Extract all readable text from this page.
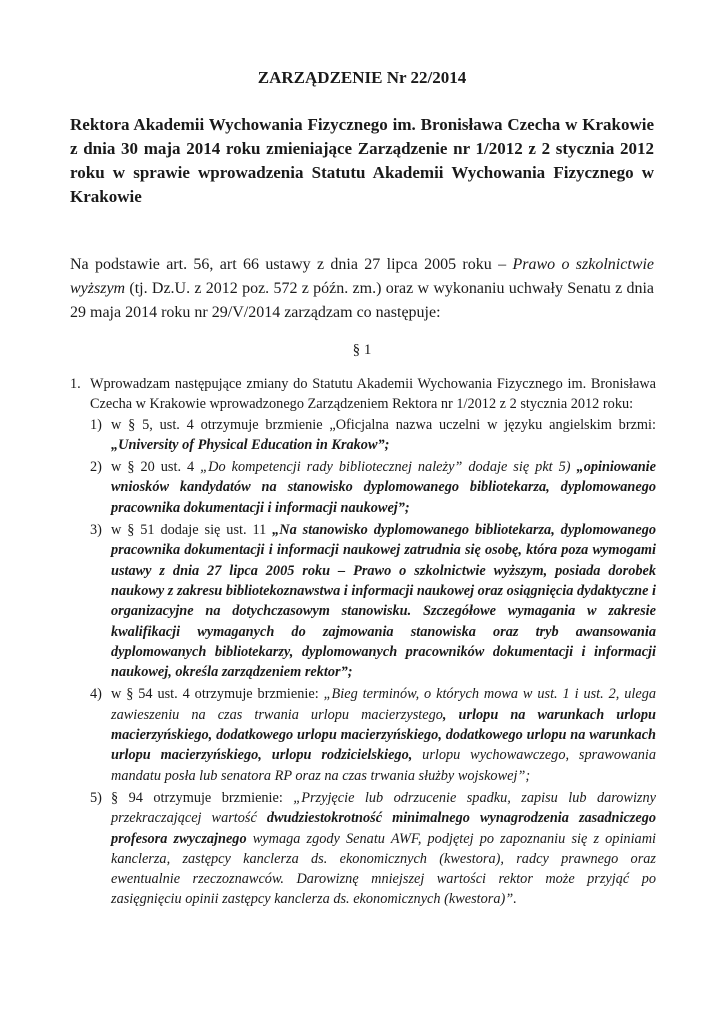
ZARZĄDZENIE Nr 22/2014
Rektora Akademii Wychowania Fizycznego im. Bronisława Czecha w Krakowie z dnia 30 maja 2014 roku zmieniające Zarządzenie nr 1/2012 z 2 stycznia 2012 roku w sprawie wprowadzenia Statutu Akademii Wychowania Fizycznego w Krakowie
Na podstawie art. 56, art 66 ustawy z dnia 27 lipca 2005 roku – Prawo o szkolnictwie wyższym (tj. Dz.U. z 2012 poz. 572 z późn. zm.) oraz w wykonaniu uchwały Senatu z dnia 29 maja 2014 roku nr 29/V/2014 zarządzam co następuje:
§ 1
1. Wprowadzam następujące zmiany do Statutu Akademii Wychowania Fizycznego im. Bronisława Czecha w Krakowie wprowadzonego Zarządzeniem Rektora nr 1/2012 z 2 stycznia 2012 roku:
1) w § 5, ust. 4 otrzymuje brzmienie „Oficjalna nazwa uczelni w języku angielskim brzmi: „University of Physical Education in Krakow”;
2) w § 20 ust. 4 „Do kompetencji rady bibliotecznej należy” dodaje się pkt 5) „opiniowanie wniosków kandydatów na stanowisko dyplomowanego bibliotekarza, dyplomowanego pracownika dokumentacji i informacji naukowej”;
3) w § 51 dodaje się ust. 11 „Na stanowisko dyplomowanego bibliotekarza, dyplomowanego pracownika dokumentacji i informacji naukowej zatrudnia się osobę, która poza wymogami ustawy z dnia 27 lipca 2005 roku – Prawo o szkolnictwie wyższym, posiada dorobek naukowy z zakresu bibliotekoznawstwa i informacji naukowej oraz osiągnięcia dydaktyczne i organizacyjne na dotychczasowym stanowisku. Szczegółowe wymagania w zakresie kwalifikacji wymaganych do zajmowania stanowiska oraz tryb awansowania dyplomowanych bibliotekarzy, dyplomowanych pracowników dokumentacji i informacji naukowej, określa zarządzeniem rektor”;
4) w § 54 ust. 4 otrzymuje brzmienie: „Bieg terminów, o których mowa w ust. 1 i ust. 2, ulega zawieszeniu na czas trwania urlopu macierzystego, urlopu na warunkach urlopu macierzyńskiego, dodatkowego urlopu macierzyńskiego, dodatkowego urlopu na warunkach urlopu macierzyńskiego, urlopu rodzicielskiego, urlopu wychowawczego, sprawowania mandatu posła lub senatora RP oraz na czas trwania służby wojskowej”;
5) § 94 otrzymuje brzmienie: „Przyjęcie lub odrzucenie spadku, zapisu lub darowizny przekraczającej wartość dwudziestokrotność minimalnego wynagrodzenia zasadniczego profesora zwyczajnego wymaga zgody Senatu AWF, podjętej po zapoznaniu się z opiniami kanclerza, zastępcy kanclerza ds. ekonomicznych (kwestora), radcy prawnego oraz ewentualnie rzeczoznawców. Darowiznę mniejszej wartości rektor może przyjąć po zasięgnięciu opinii zastępcy kanclerza ds. ekonomicznych (kwestora)”.
